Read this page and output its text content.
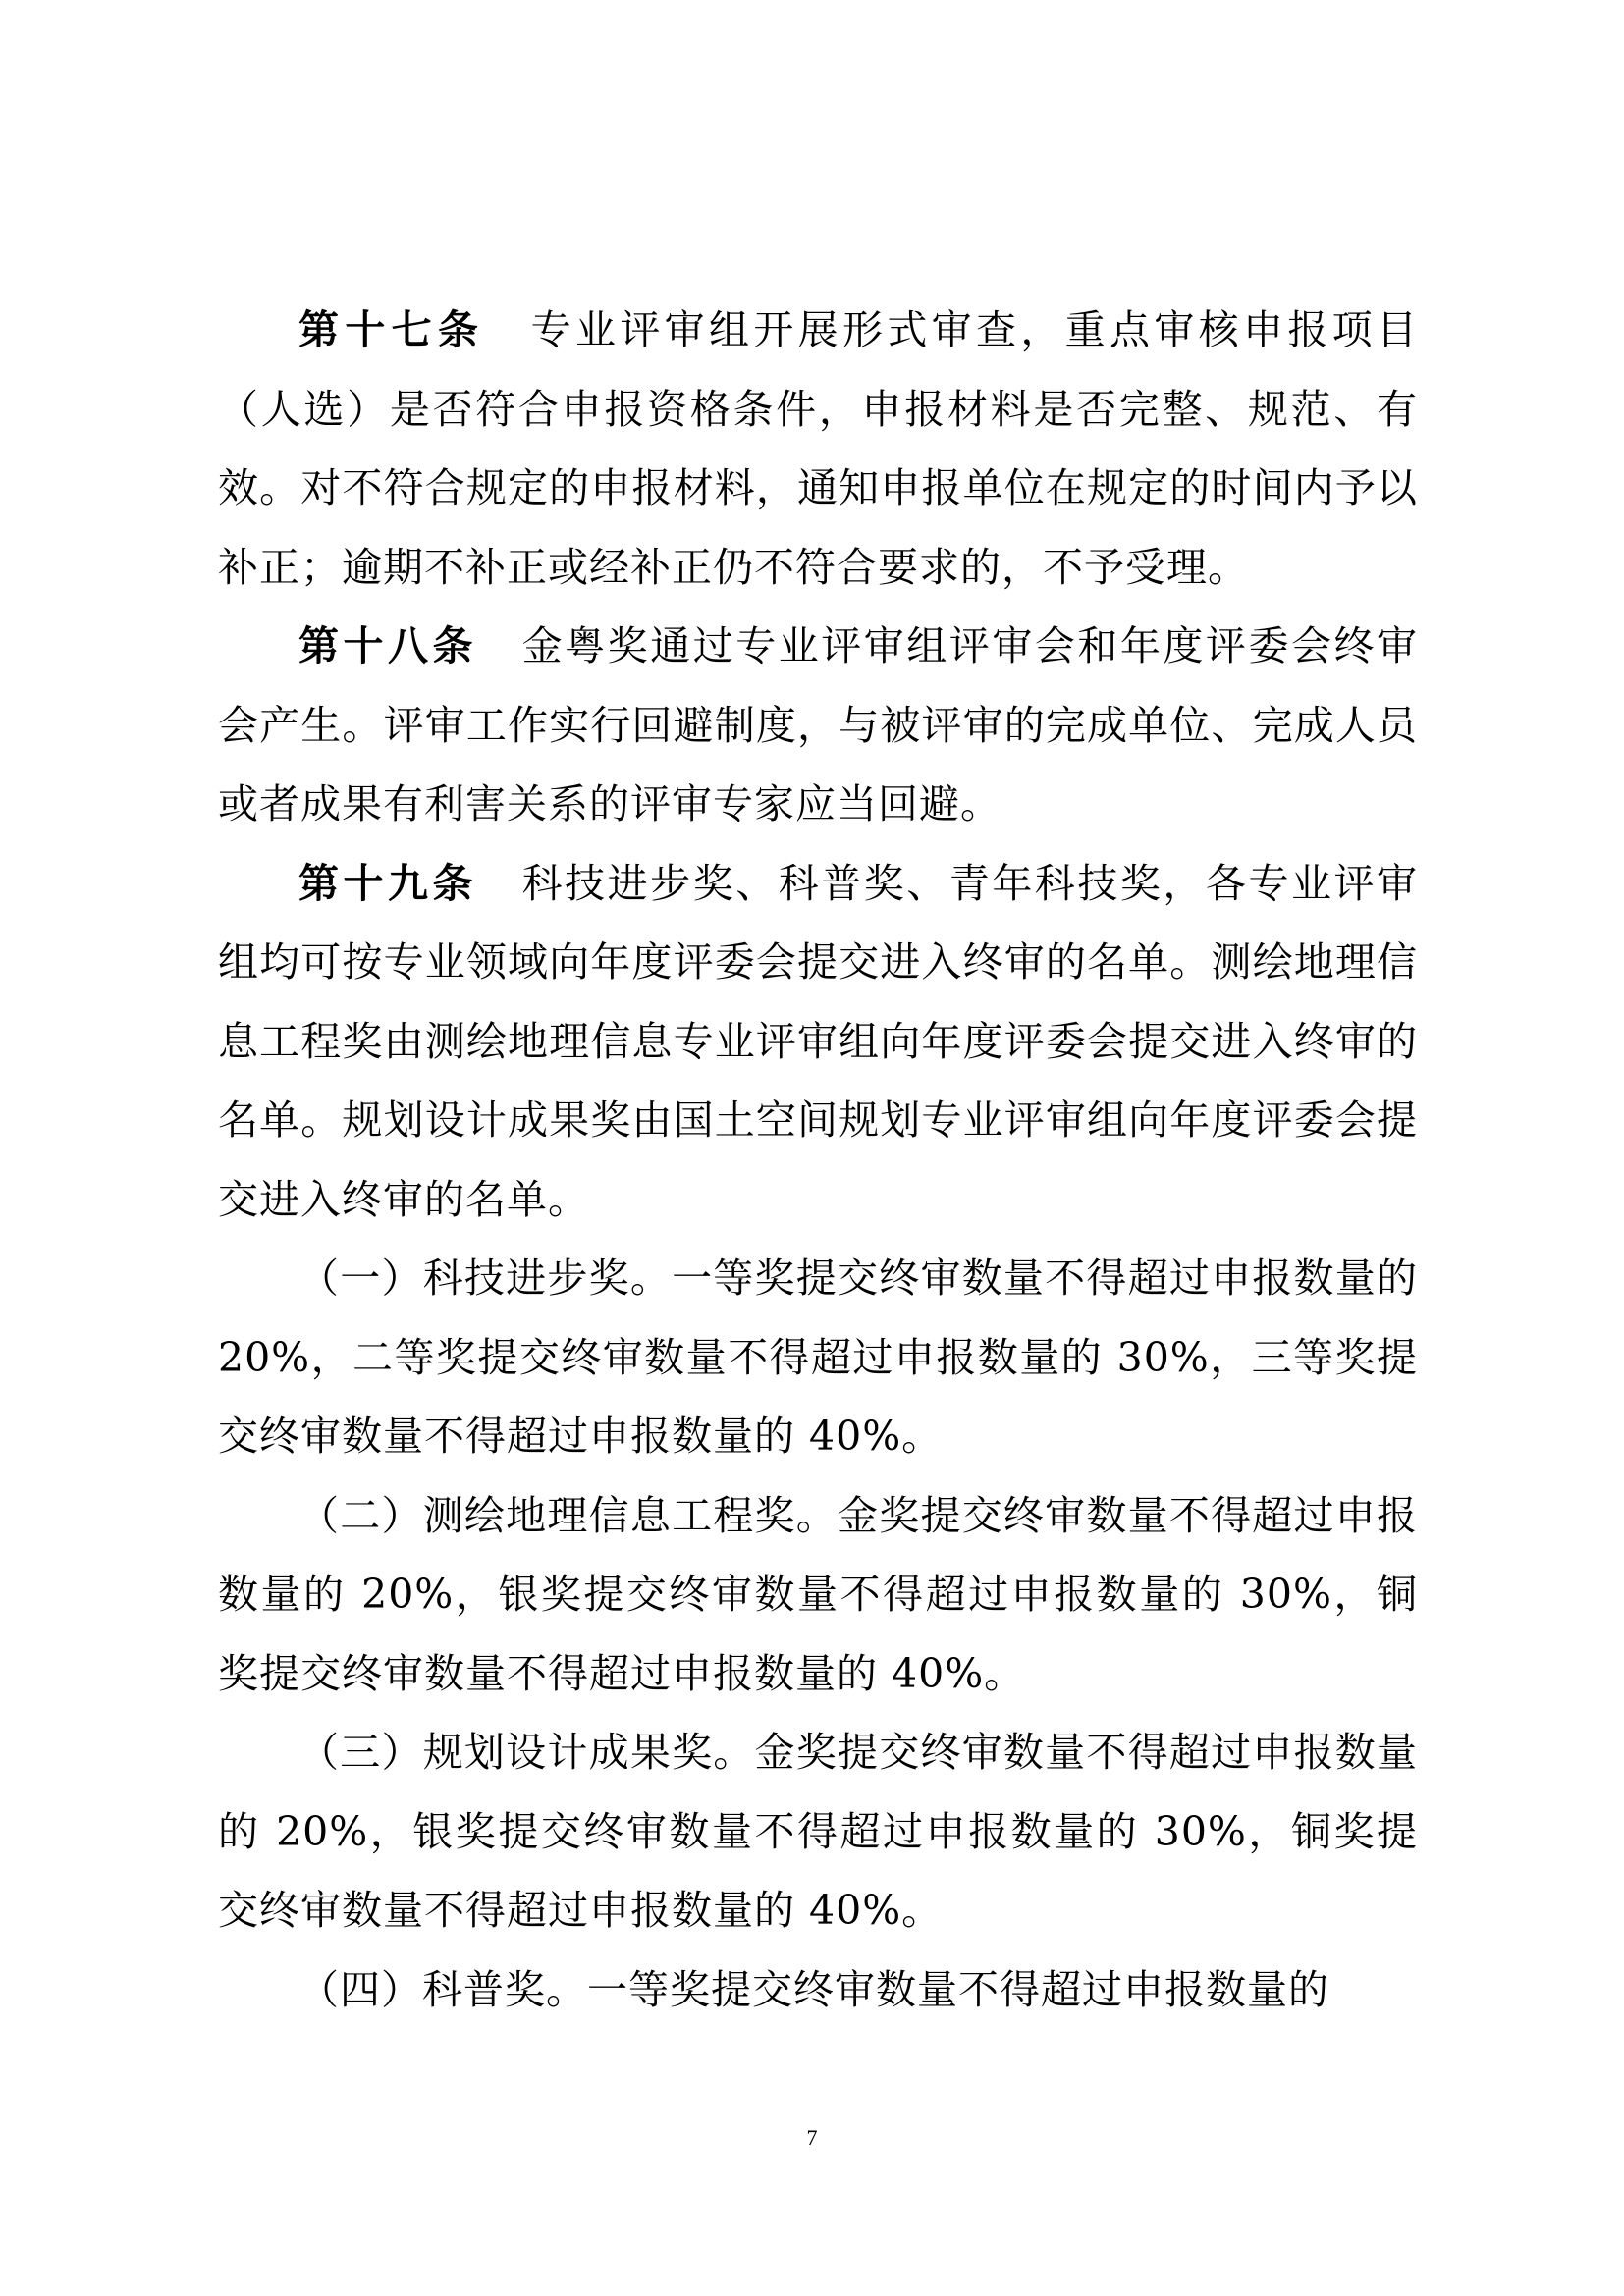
第十七条　专业评审组开展形式审查，重点审核申报项目（人选）是否符合申报资格条件，申报材料是否完整、规范、有效。对不符合规定的申报材料，通知申报单位在规定的时间内予以补正；逾期不补正或经补正仍不符合要求的，不予受理。

第十八条　金粤奖通过专业评审组评审会和年度评委会终审会产生。评审工作实行回避制度，与被评审的完成单位、完成人员或者成果有利害关系的评审专家应当回避。

第十九条　科技进步奖、科普奖、青年科技奖，各专业评审组均可按专业领域向年度评委会提交进入终审的名单。测绘地理信息工程奖由测绘地理信息专业评审组向年度评委会提交进入终审的名单。规划设计成果奖由国土空间规划专业评审组向年度评委会提交进入终审的名单。

（一）科技进步奖。一等奖提交终审数量不得超过申报数量的 20%，二等奖提交终审数量不得超过申报数量的 30%，三等奖提交终审数量不得超过申报数量的 40%。

（二）测绘地理信息工程奖。金奖提交终审数量不得超过申报数量的 20%，银奖提交终审数量不得超过申报数量的 30%，铜奖提交终审数量不得超过申报数量的 40%。

（三）规划设计成果奖。金奖提交终审数量不得超过申报数量的 20%，银奖提交终审数量不得超过申报数量的 30%，铜奖提交终审数量不得超过申报数量的 40%。

（四）科普奖。一等奖提交终审数量不得超过申报数量的

7
